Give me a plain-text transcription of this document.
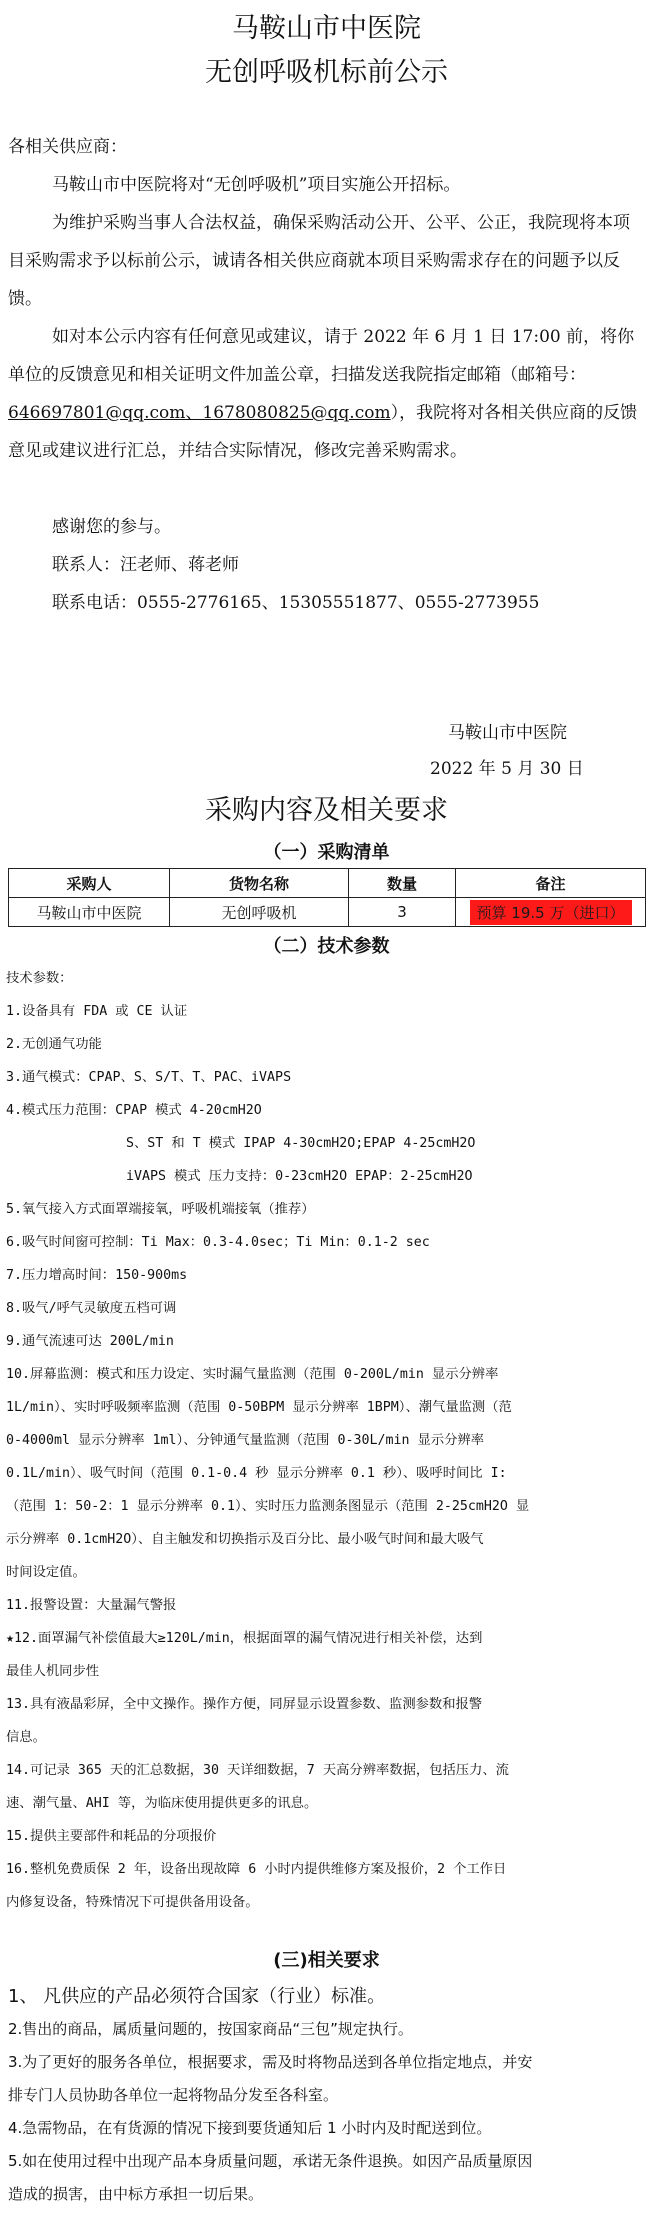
马鞍山市中医院
无创呼吸机标前公示
各相关供应商：
马鞍山市中医院将对“无创呼吸机”项目实施公开招标。
为维护采购当事人合法权益，确保采购活动公开、公平、公正，我院现将本项目采购需求予以标前公示，诚请各相关供应商就本项目采购需求存在的问题予以反馈。
如对本公示内容有任何意见或建议，请于 2022 年 6 月 1 日 17:00 前，将你单位的反馈意见和相关证明文件加盖公章，扫描发送我院指定邮箱（邮箱号：646697801@qq.com、1678080825@qq.com），我院将对各相关供应商的反馈意见或建议进行汇总，并结合实际情况，修改完善采购需求。
感谢您的参与。
联系人：汪老师、蒋老师
联系电话：0555-2776165、15305551877、0555-2773955
马鞍山市中医院
2022 年 5 月 30 日
采购内容及相关要求
（一）采购清单
采购人	货物名称	数量	备注
马鞍山市中医院	无创呼吸机	3	预算 19.5 万（进口）
（二）技术参数
技术参数：
1.设备具有 FDA 或 CE 认证
2.无创通气功能
3.通气模式：CPAP、S、S/T、T、PAC、iVAPS
4.模式压力范围：CPAP 模式 4-20cmH2O
S、ST 和 T 模式 IPAP 4-30cmH2O;EPAP 4-25cmH2O
iVAPS 模式 压力支持：0-23cmH2O EPAP：2-25cmH2O
5.氧气接入方式面罩端接氧，呼吸机端接氧（推荐）
6.吸气时间窗可控制：Ti Max：0.3-4.0sec；Ti Min：0.1-2 sec
7.压力增高时间：150-900ms
8.吸气/呼气灵敏度五档可调
9.通气流速可达 200L/min
10.屏幕监测：模式和压力设定、实时漏气量监测（范围 0-200L/min 显示分辨率
1L/min）、实时呼吸频率监测（范围 0-50BPM 显示分辨率 1BPM）、潮气量监测（范
0-4000ml 显示分辨率 1ml）、分钟通气量监测（范围 0-30L/min 显示分辨率
0.1L/min）、吸气时间（范围 0.1-0.4 秒 显示分辨率 0.1 秒）、吸呼时间比 I:
（范围 1：50-2：1 显示分辨率 0.1）、实时压力监测条图显示（范围 2-25cmH2O 显
示分辨率 0.1cmH2O）、自主触发和切换指示及百分比、最小吸气时间和最大吸气
时间设定值。
11.报警设置：大量漏气警报
★12.面罩漏气补偿值最大≥120L/min，根据面罩的漏气情况进行相关补偿，达到
最佳人机同步性
13.具有液晶彩屏，全中文操作。操作方便，同屏显示设置参数、监测参数和报警
信息。
14.可记录 365 天的汇总数据，30 天详细数据，7 天高分辨率数据，包括压力、流
速、潮气量、AHI 等，为临床使用提供更多的讯息。
15.提供主要部件和耗品的分项报价
16.整机免费质保 2 年，设备出现故障 6 小时内提供维修方案及报价，2 个工作日
内修复设备，特殊情况下可提供备用设备。
(三)相关要求
1、 凡供应的产品必须符合国家（行业）标准。
2.售出的商品，属质量问题的，按国家商品“三包”规定执行。
3.为了更好的服务各单位，根据要求，需及时将物品送到各单位指定地点，并安
排专门人员协助各单位一起将物品分发至各科室。
4.急需物品，在有货源的情况下接到要货通知后 1 小时内及时配送到位。
5.如在使用过程中出现产品本身质量问题，承诺无条件退换。如因产品质量原因
造成的损害，由中标方承担一切后果。
